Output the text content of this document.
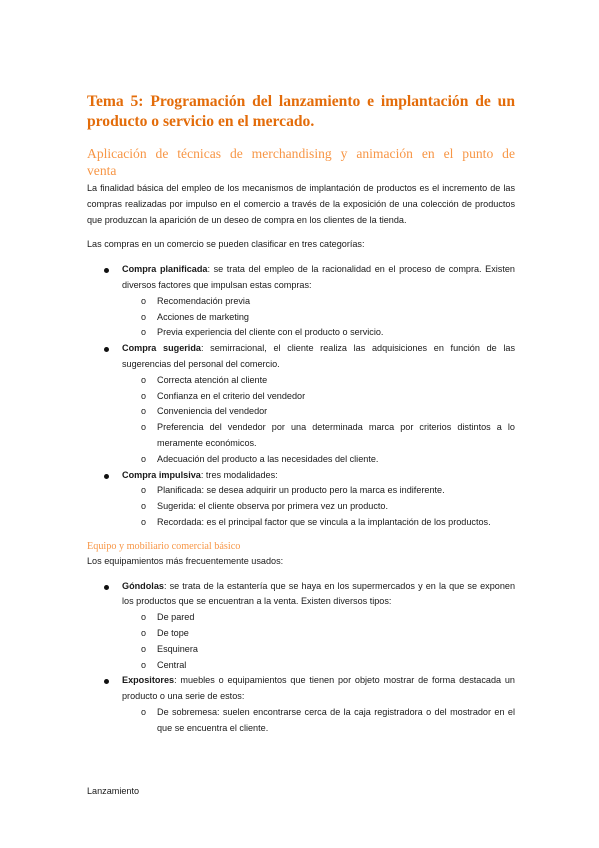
Tema 5: Programación del lanzamiento e implantación de un
producto o servicio en el mercado.
Aplicación de técnicas de merchandising y animación en el punto de
venta

La finalidad básica del empleo de los mecanismos de implantación de productos es el incremento de las compras realizadas por impulso en el comercio a través de la exposición de una colección de productos que produzcan la aparición de un deseo de compra en los clientes de la tienda.

Las compras en un comercio se pueden clasificar en tres categorías:

Compra planificada: se trata del empleo de la racionalidad en el proceso de compra. Existen diversos factores que impulsan estas compras:
o Recomendación previa
o Acciones de marketing
o Previa experiencia del cliente con el producto o servicio.
Compra sugerida: semirracional, el cliente realiza las adquisiciones en función de las sugerencias del personal del comercio.
o Correcta atención al cliente
o Confianza en el criterio del vendedor
o Conveniencia del vendedor
o Preferencia del vendedor por una determinada marca por criterios distintos a lo meramente económicos.
o Adecuación del producto a las necesidades del cliente.
Compra impulsiva: tres modalidades:
o Planificada: se desea adquirir un producto pero la marca es indiferente.
o Sugerida: el cliente observa por primera vez un producto.
o Recordada: es el principal factor que se vincula a la implantación de los productos.
Equipo y mobiliario comercial básico

Los equipamientos más frecuentemente usados:

Góndolas: se trata de la estantería que se haya en los supermercados y en la que se exponen los productos que se encuentran a la venta. Existen diversos tipos:
o De pared
o De tope
o Esquinera
o Central
Expositores: muebles o equipamientos que tienen por objeto mostrar de forma destacada un producto o una serie de estos:
o De sobremesa: suelen encontrarse cerca de la caja registradora o del mostrador en el que se encuentra el cliente.
Lanzamiento
